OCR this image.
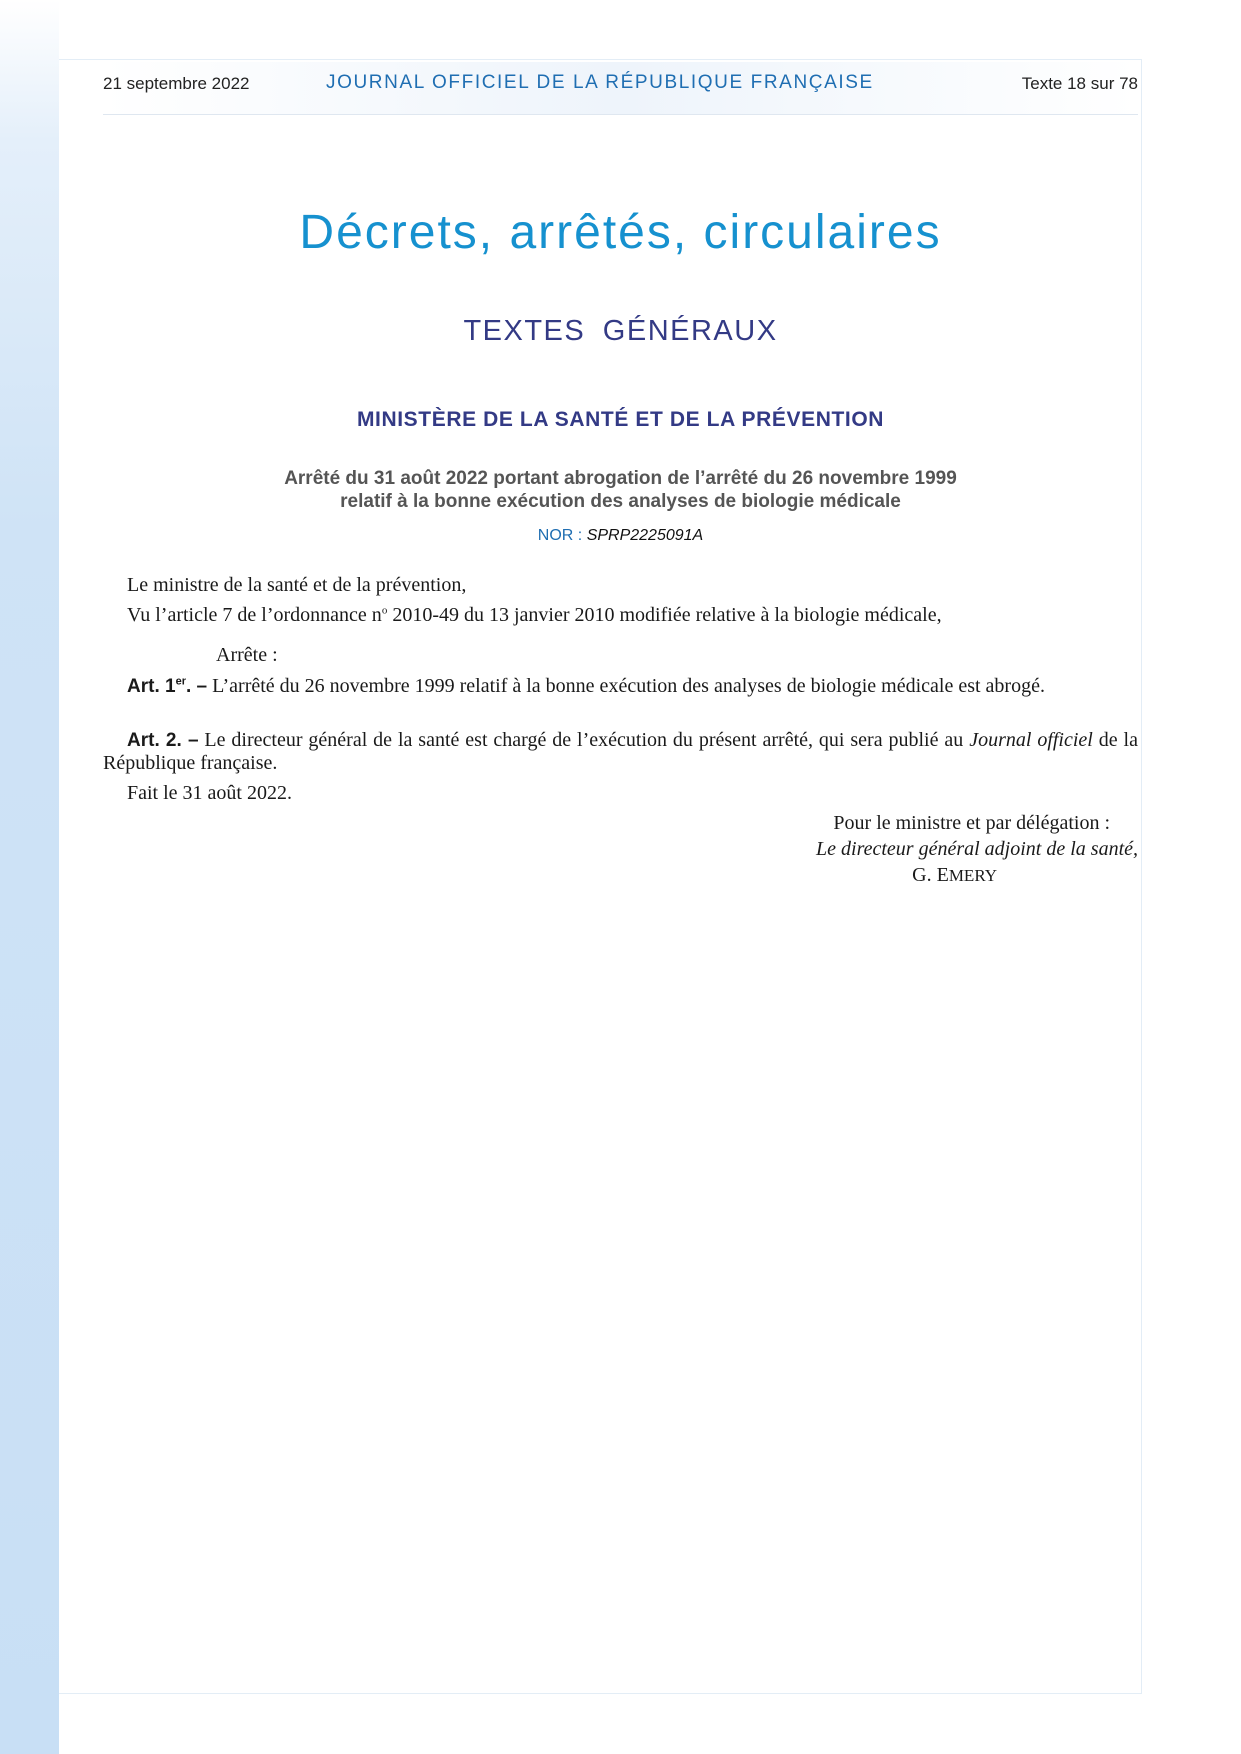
21 septembre 2022	JOURNAL OFFICIEL DE LA RÉPUBLIQUE FRANÇAISE	Texte 18 sur 78
Décrets, arrêtés, circulaires
TEXTES GÉNÉRAUX
MINISTÈRE DE LA SANTÉ ET DE LA PRÉVENTION
Arrêté du 31 août 2022 portant abrogation de l’arrêté du 26 novembre 1999
relatif à la bonne exécution des analyses de biologie médicale
NOR : SPRP2225091A
Le ministre de la santé et de la prévention,
Vu l’article 7 de l’ordonnance $n^o$ 2010-49 du 13 janvier 2010 modifiée relative à la biologie médicale,
Arrête :
Art. 1er. – L’arrêté du 26 novembre 1999 relatif à la bonne exécution des analyses de biologie médicale est abrogé.
Art. 2. – Le directeur général de la santé est chargé de l’exécution du présent arrêté, qui sera publié au Journal officiel de la République française.
Fait le 31 août 2022.
Pour le ministre et par délégation :
Le directeur général adjoint de la santé,
G. EMERY
